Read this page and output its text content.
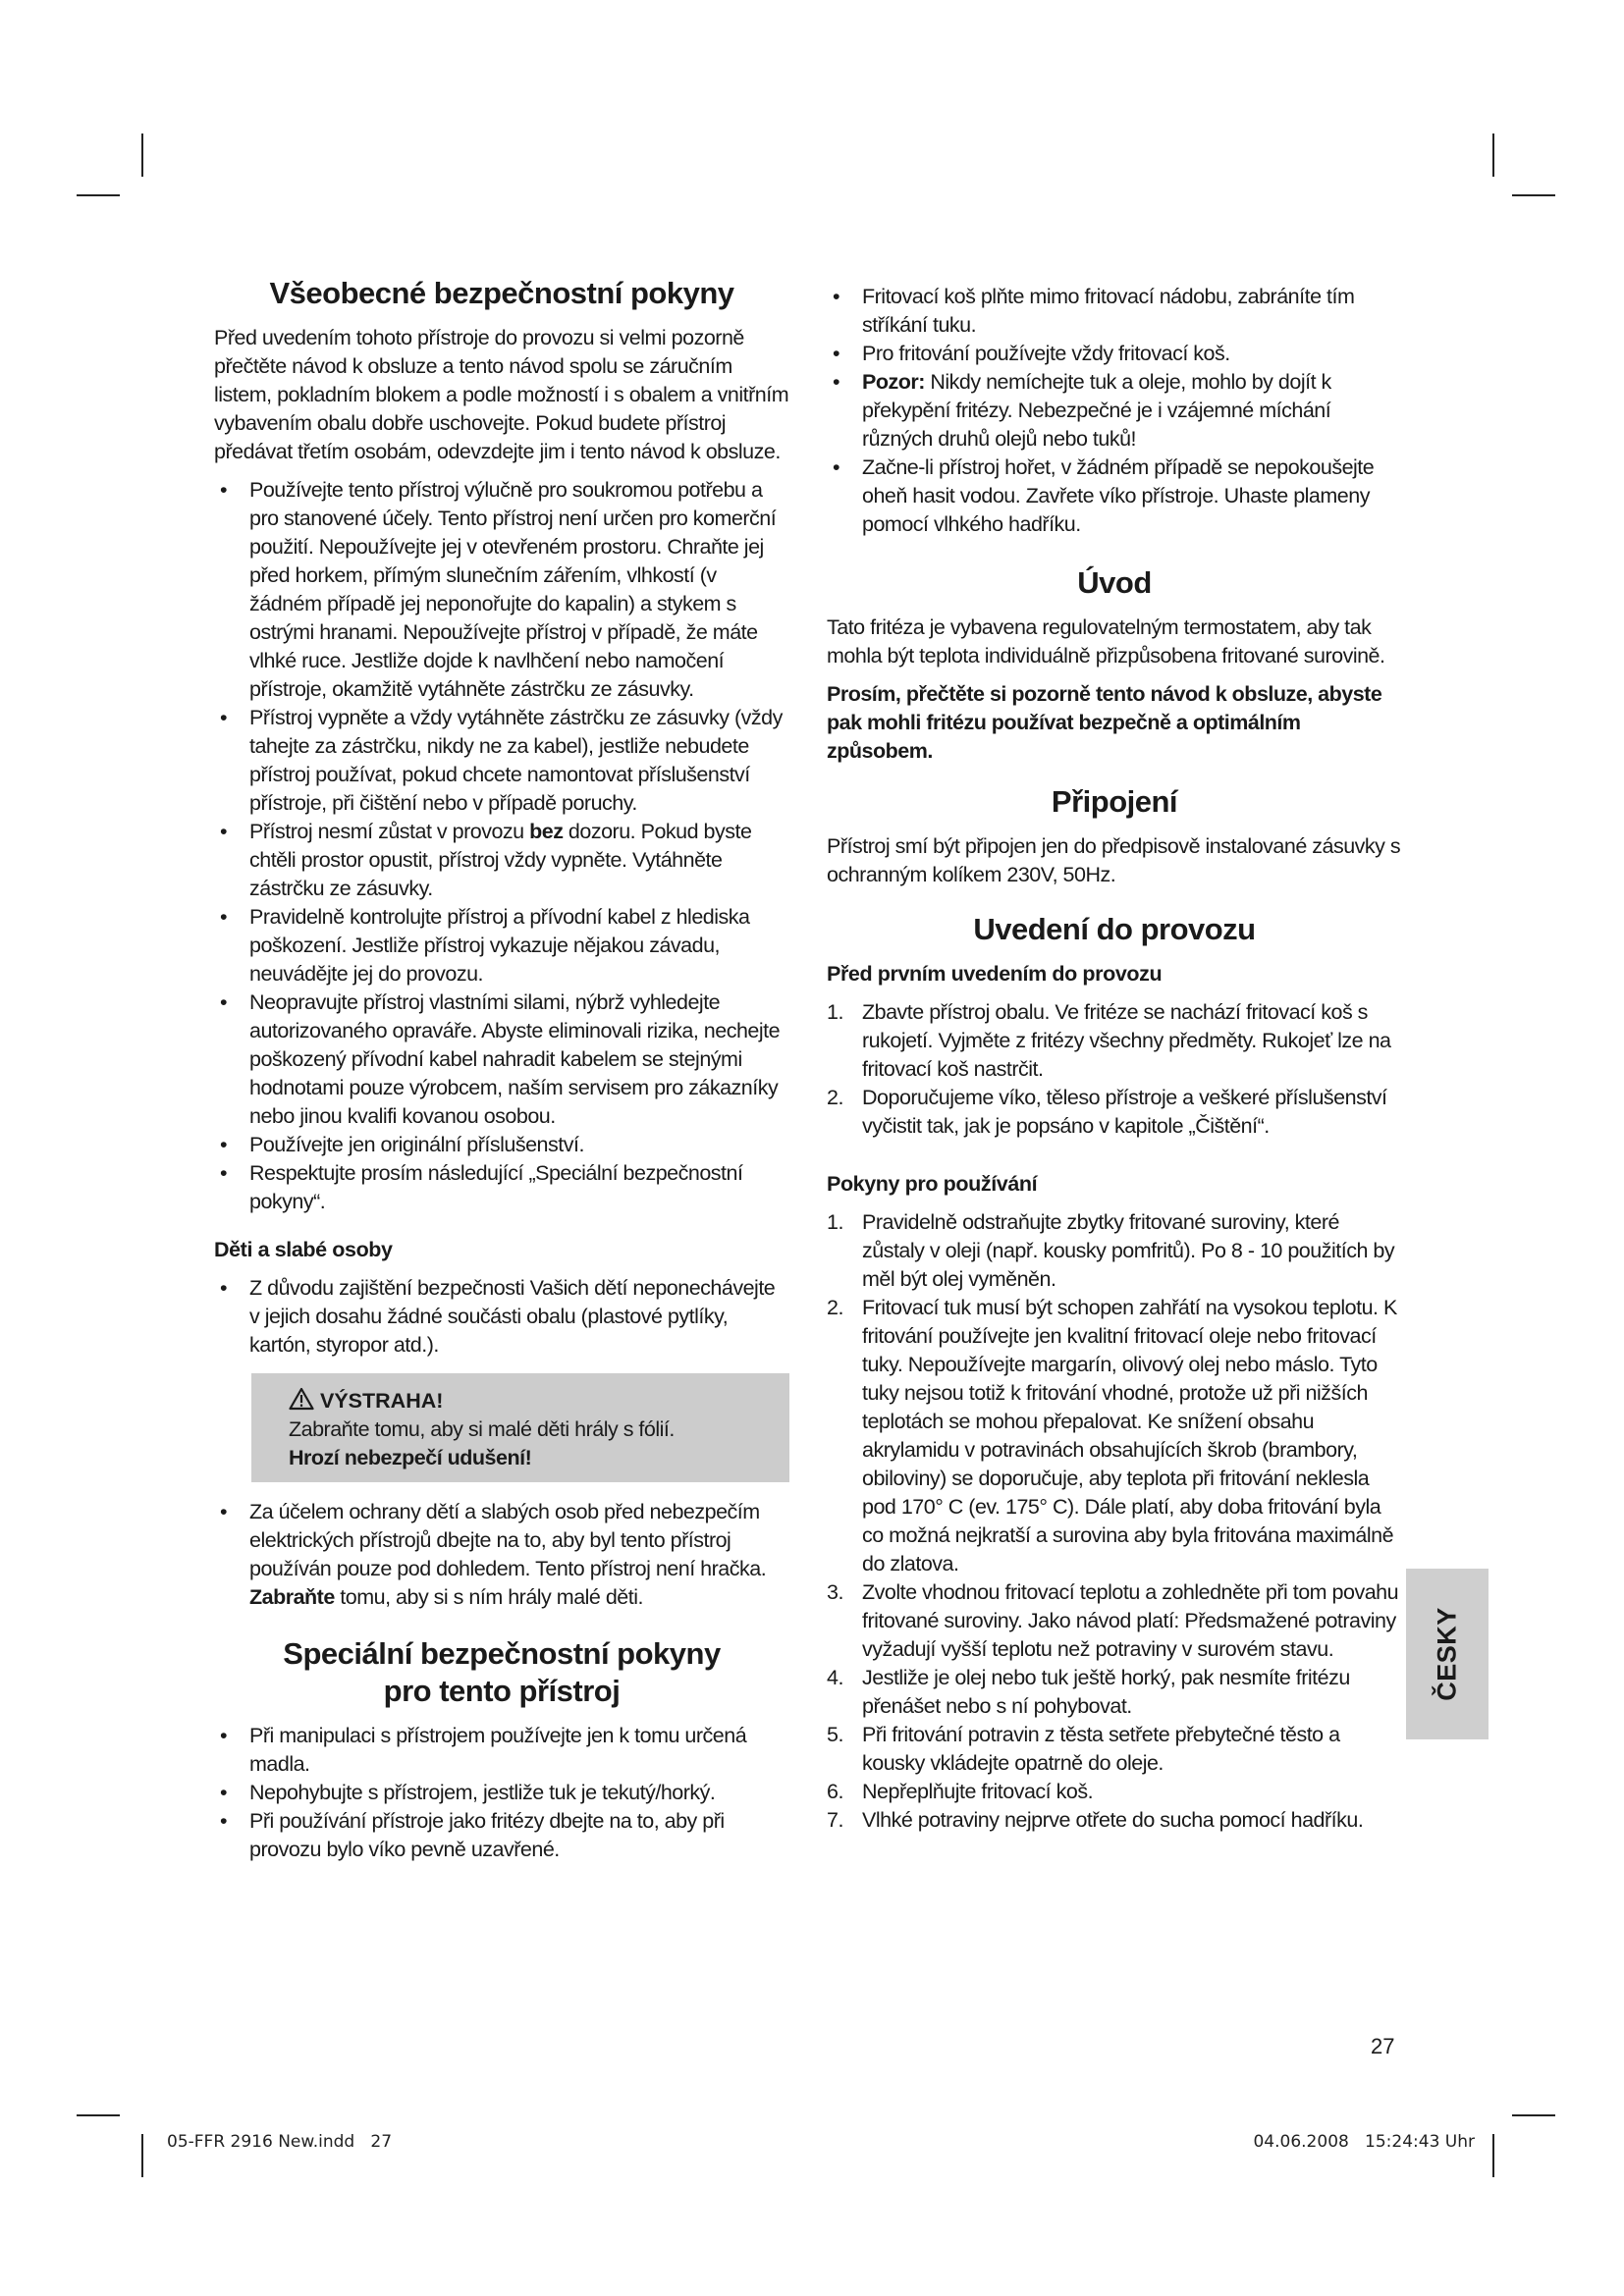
Všeobecné bezpečnostní pokyny

Před uvedením tohoto přístroje do provozu si velmi pozorně přečtěte návod k obsluze a tento návod spolu se záručním listem, pokladním blokem a podle možností i s obalem a vnitřním vybavením obalu dobře uschovejte. Pokud budete přístroj předávat třetím osobám, odevzdejte jim i tento návod k obsluze.

• Používejte tento přístroj výlučně pro soukromou potřebu a pro stanovené účely. Tento přístroj není určen pro komerční použití. Nepoužívejte jej v otevřeném prostoru. Chraňte jej před horkem, přímým slunečním zářením, vlhkostí (v žádném případě jej neponořujte do kapalin) a stykem s ostrými hranami. Nepoužívejte přístroj v případě, že máte vlhké ruce. Jestliže dojde k navlhčení nebo namočení přístroje, okamžitě vytáhněte zástrčku ze zásuvky.
• Přístroj vypněte a vždy vytáhněte zástrčku ze zásuvky (vždy tahejte za zástrčku, nikdy ne za kabel), jestliže nebudete přístroj používat, pokud chcete namontovat příslušenství přístroje, při čištění nebo v případě poruchy.
• Přístroj nesmí zůstat v provozu bez dozoru. Pokud byste chtěli prostor opustit, přístroj vždy vypněte. Vytáhněte zástrčku ze zásuvky.
• Pravidelně kontrolujte přístroj a přívodní kabel z hlediska poškození. Jestliže přístroj vykazuje nějakou závadu, neuvádějte jej do provozu.
• Neopravujte přístroj vlastními silami, nýbrž vyhledejte autorizovaného opraváře. Abyste eliminovali rizika, nechejte poškozený přívodní kabel nahradit kabelem se stejnými hodnotami pouze výrobcem, naším servisem pro zákazníky nebo jinou kvalifi kovanou osobou.
• Používejte jen originální příslušenství.
• Respektujte prosím následující „Speciální bezpečnostní pokyny“.
Děti a slabé osoby
• Z důvodu zajištění bezpečnosti Vašich dětí neponechávejte v jejich dosahu žádné součásti obalu (plastové pytlíky, kartón, styropor atd.).
VÝSTRAHA!

Zabraňte tomu, aby si malé děti hrály s fólií.

Hrozí nebezpečí udušení!

• Za účelem ochrany dětí a slabých osob před nebezpečím elektrických přístrojů dbejte na to, aby byl tento přístroj používán pouze pod dohledem. Tento přístroj není hračka. Zabraňte tomu, aby si s ním hrály malé děti.
Speciální bezpečnostní pokyny
pro tento přístroj
• Při manipulaci s přístrojem používejte jen k tomu určená madla.
• Nepohybujte s přístrojem, jestliže tuk je tekutý/horký.
• Při používání přístroje jako fritézy dbejte na to, aby při provozu bylo víko pevně uzavřené.
• Fritovací koš plňte mimo fritovací nádobu, zabráníte tím stříkání tuku.
• Pro fritování používejte vždy fritovací koš.
• Pozor: Nikdy nemíchejte tuk a oleje, mohlo by dojít k překypění fritézy. Nebezpečné je i vzájemné míchání různých druhů olejů nebo tuků!
• Začne-li přístroj hořet, v žádném případě se nepokoušejte oheň hasit vodou. Zavřete víko přístroje. Uhaste plameny pomocí vlhkého hadříku.
Úvod

Tato fritéza je vybavena regulovatelným termostatem, aby tak mohla být teplota individuálně přizpůsobena fritované surovině.

Prosím, přečtěte si pozorně tento návod k obsluze, abyste pak mohli fritézu používat bezpečně a optimálním způsobem.

Připojení

Přístroj smí být připojen jen do předpisově instalované zásuvky s ochranným kolíkem 230V, 50Hz.

Uvedení do provozu
Před prvním uvedením do provozu
1. Zbavte přístroj obalu. Ve fritéze se nachází fritovací koš s rukojetí. Vyjměte z fritézy všechny předměty. Rukojeť lze na fritovací koš nastrčit.
2. Doporučujeme víko, těleso přístroje a veškeré příslušenství vyčistit tak, jak je popsáno v kapitole „Čištění“.
Pokyny pro používání
1. Pravidelně odstraňujte zbytky fritované suroviny, které zůstaly v oleji (např. kousky pomfritů). Po 8 - 10 použitích by měl být olej vyměněn.
2. Fritovací tuk musí být schopen zahřátí na vysokou teplotu. K fritování používejte jen kvalitní fritovací oleje nebo fritovací tuky. Nepoužívejte margarín, olivový olej nebo máslo. Tyto tuky nejsou totiž k fritování vhodné, protože už při nižších teplotách se mohou přepalovat. Ke snížení obsahu akrylamidu v potravinách obsahujících škrob (brambory, obiloviny) se doporučuje, aby teplota při fritování neklesla pod 170° C (ev. 175° C). Dále platí, aby doba fritování byla co možná nejkratší a surovina aby byla fritována maximálně do zlatova.
3. Zvolte vhodnou fritovací teplotu a zohledněte při tom povahu fritované suroviny. Jako návod platí: Předsmažené potraviny vyžadují vyšší teplotu než potraviny v surovém stavu.
4. Jestliže je olej nebo tuk ještě horký, pak nesmíte fritézu přenášet nebo s ní pohybovat.
5. Při fritování potravin z těsta setřete přebytečné těsto a kousky vkládejte opatrně do oleje.
6. Nepřeplňujte fritovací koš.
7. Vlhké potraviny nejprve otřete do sucha pomocí hadříku.
ČESKY
27
05-FFR 2916 New.indd   27	04.06.2008   15:24:43 Uhr
